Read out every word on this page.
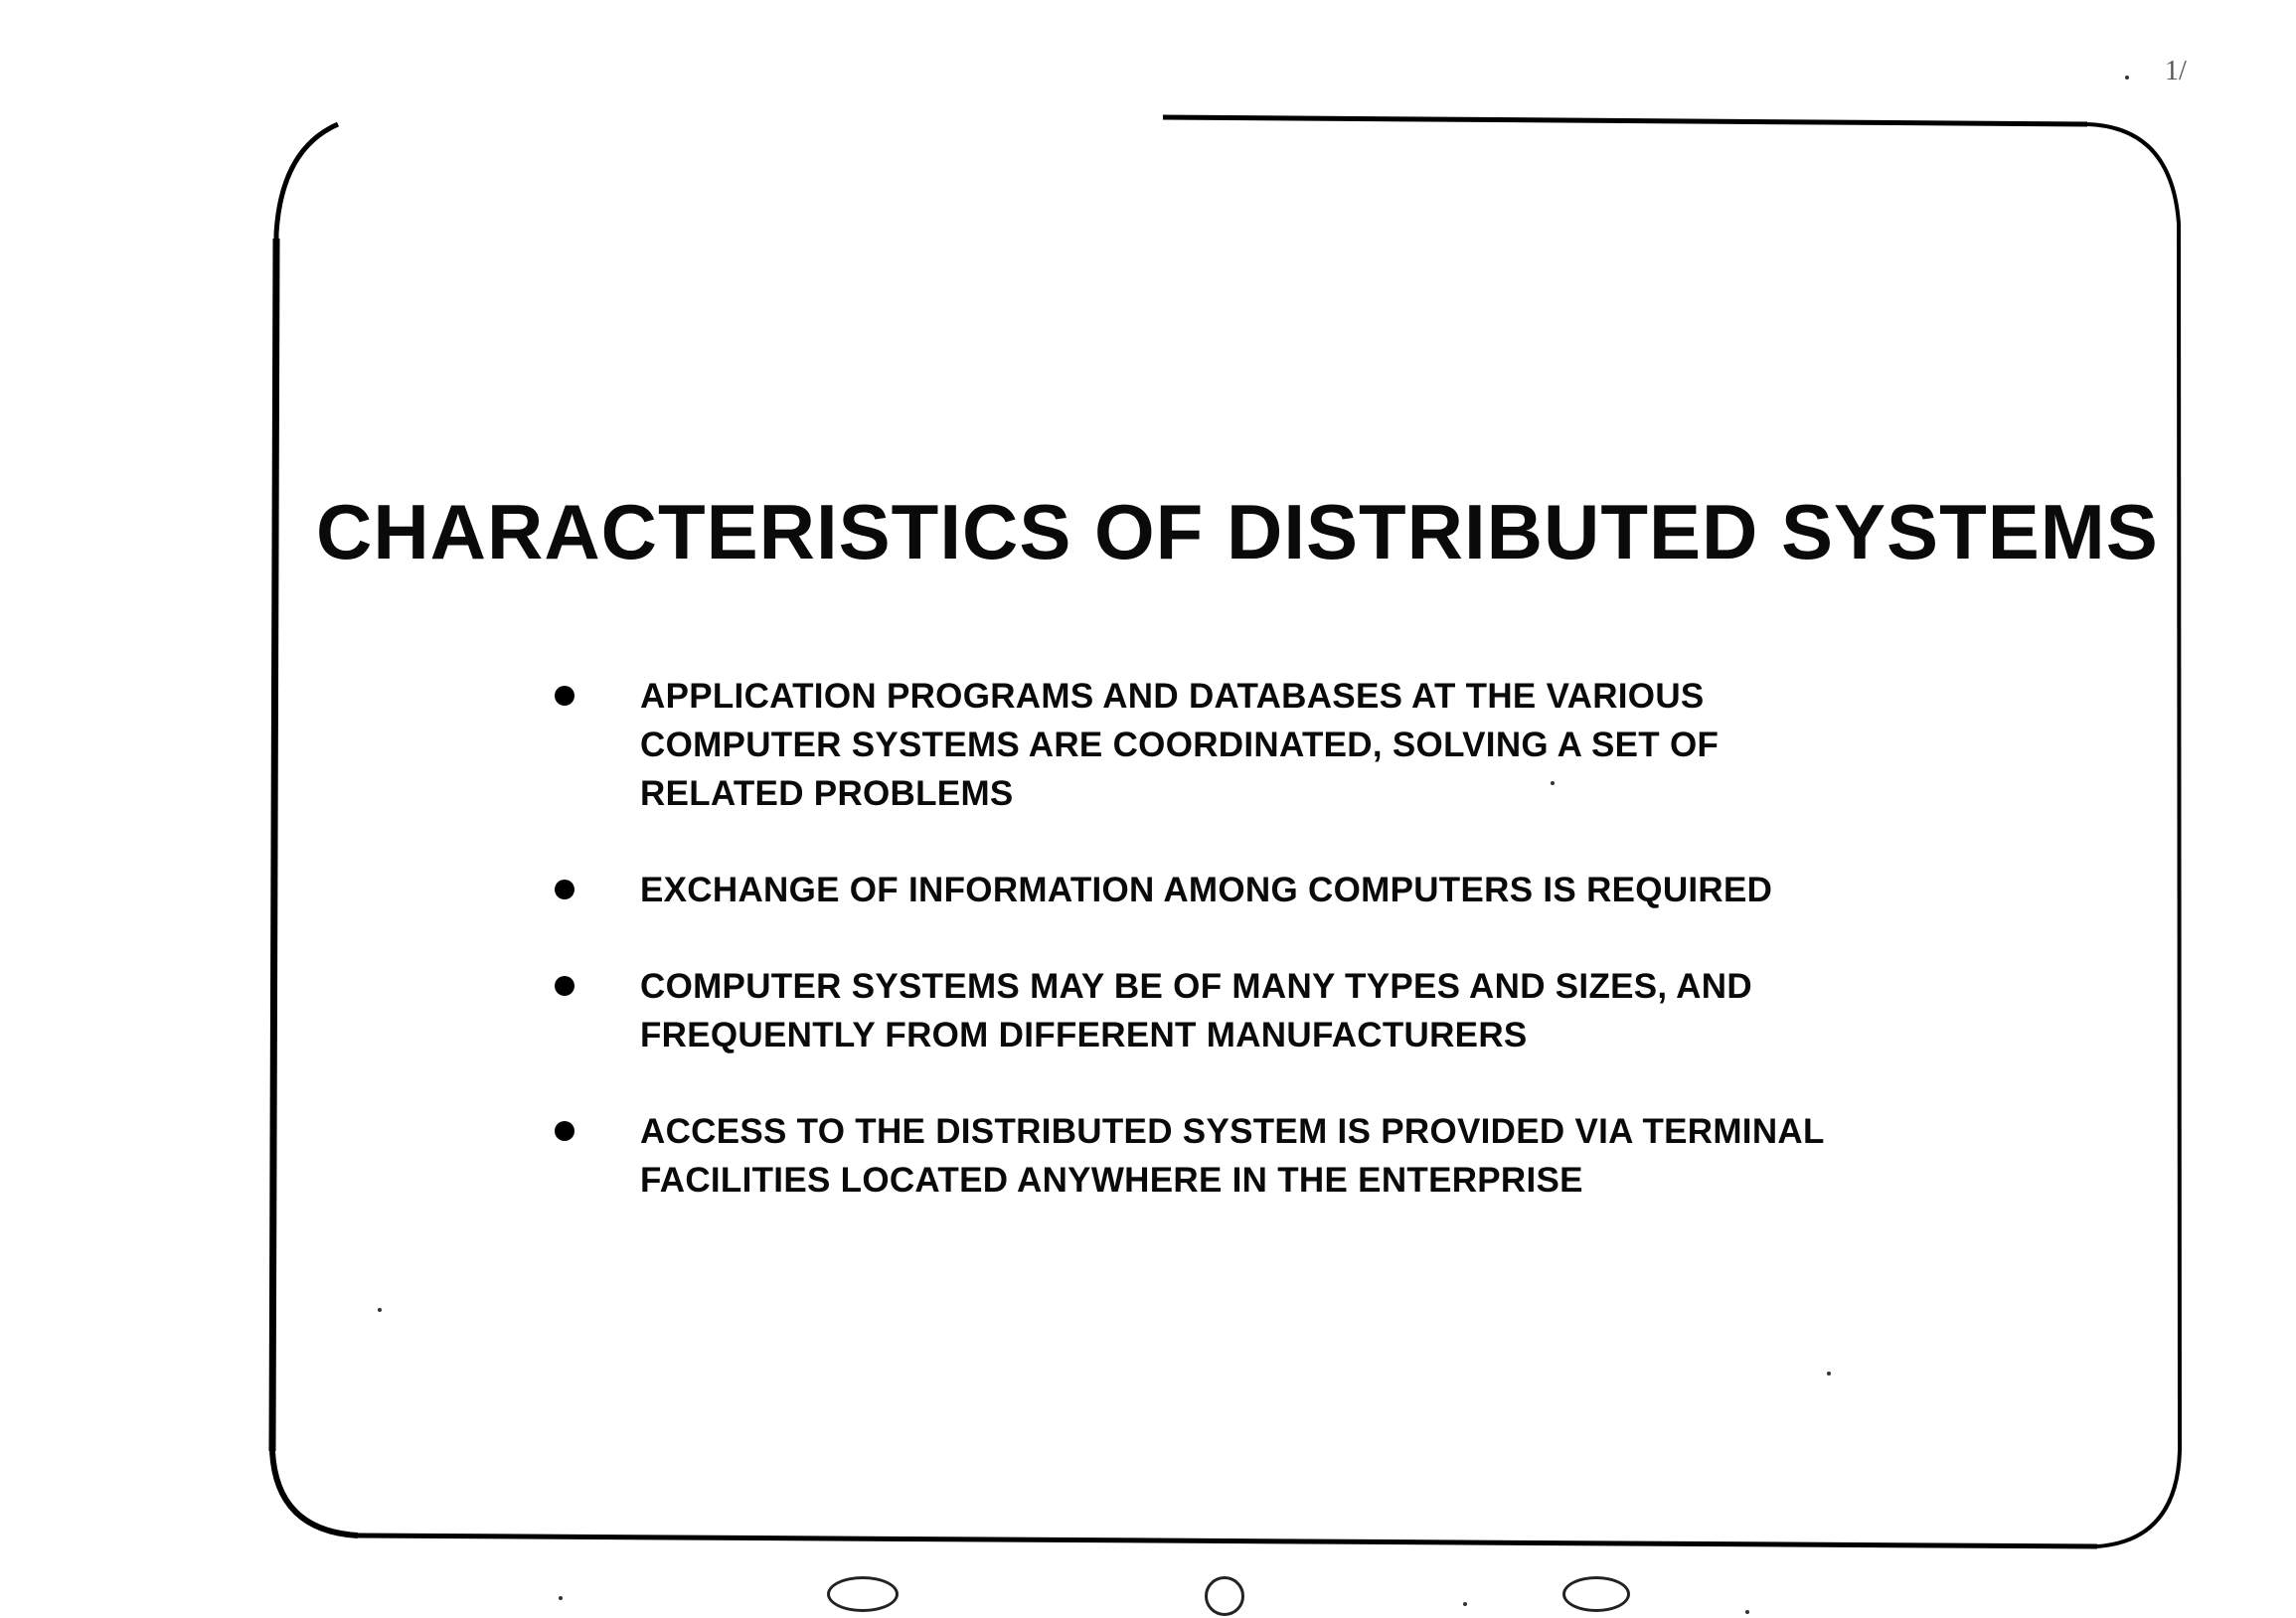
1/
CHARACTERISTICS OF DISTRIBUTED SYSTEMS
APPLICATION PROGRAMS AND DATABASES AT THE VARIOUS
COMPUTER SYSTEMS ARE COORDINATED, SOLVING A SET OF
RELATED PROBLEMS
EXCHANGE OF INFORMATION AMONG COMPUTERS IS REQUIRED
COMPUTER SYSTEMS MAY BE OF MANY TYPES AND SIZES, AND
FREQUENTLY FROM DIFFERENT MANUFACTURERS
ACCESS TO THE DISTRIBUTED SYSTEM IS PROVIDED VIA TERMINAL
FACILITIES LOCATED ANYWHERE IN THE ENTERPRISE
